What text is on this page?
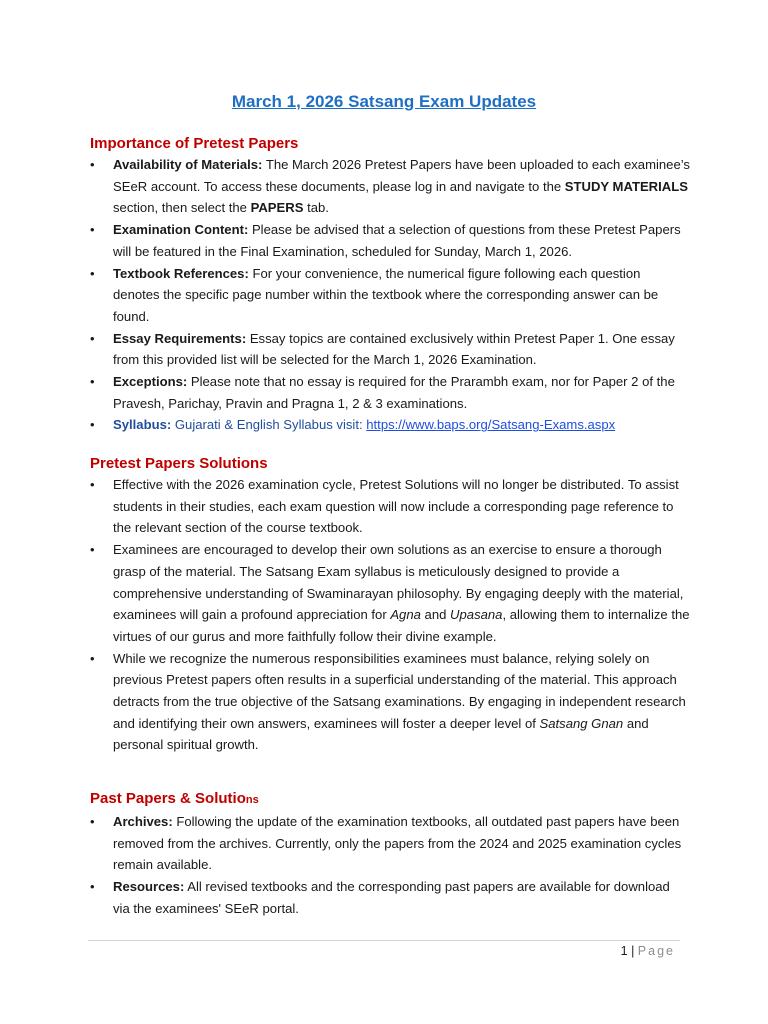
March 1, 2026 Satsang Exam Updates
Importance of Pretest Papers
• Availability of Materials: The March 2026 Pretest Papers have been uploaded to each examinee’s SEeR account. To access these documents, please log in and navigate to the STUDY MATERIALS section, then select the PAPERS tab.
• Examination Content: Please be advised that a selection of questions from these Pretest Papers will be featured in the Final Examination, scheduled for Sunday, March 1, 2026.
• Textbook References: For your convenience, the numerical figure following each question denotes the specific page number within the textbook where the corresponding answer can be found.
• Essay Requirements: Essay topics are contained exclusively within Pretest Paper 1. One essay from this provided list will be selected for the March 1, 2026 Examination.
• Exceptions: Please note that no essay is required for the Prarambh exam, nor for Paper 2 of the Pravesh, Parichay, Pravin and Pragna 1, 2 & 3 examinations.
• Syllabus: Gujarati & English Syllabus visit: https://www.baps.org/Satsang-Exams.aspx
Pretest Papers Solutions
• Effective with the 2026 examination cycle, Pretest Solutions will no longer be distributed. To assist students in their studies, each exam question will now include a corresponding page reference to the relevant section of the course textbook.
• Examinees are encouraged to develop their own solutions as an exercise to ensure a thorough grasp of the material. The Satsang Exam syllabus is meticulously designed to provide a comprehensive understanding of Swaminarayan philosophy. By engaging deeply with the material, examinees will gain a profound appreciation for Agna and Upasana, allowing them to internalize the virtues of our gurus and more faithfully follow their divine example.
• While we recognize the numerous responsibilities examinees must balance, relying solely on previous Pretest papers often results in a superficial understanding of the material. This approach detracts from the true objective of the Satsang examinations. By engaging in independent research and identifying their own answers, examinees will foster a deeper level of Satsang Gnan and personal spiritual growth.
Past Papers & Solutions
• Archives: Following the update of the examination textbooks, all outdated past papers have been removed from the archives. Currently, only the papers from the 2024 and 2025 examination cycles remain available.
• Resources: All revised textbooks and the corresponding past papers are available for download via the examinees' SEeR portal.
1 | Page
